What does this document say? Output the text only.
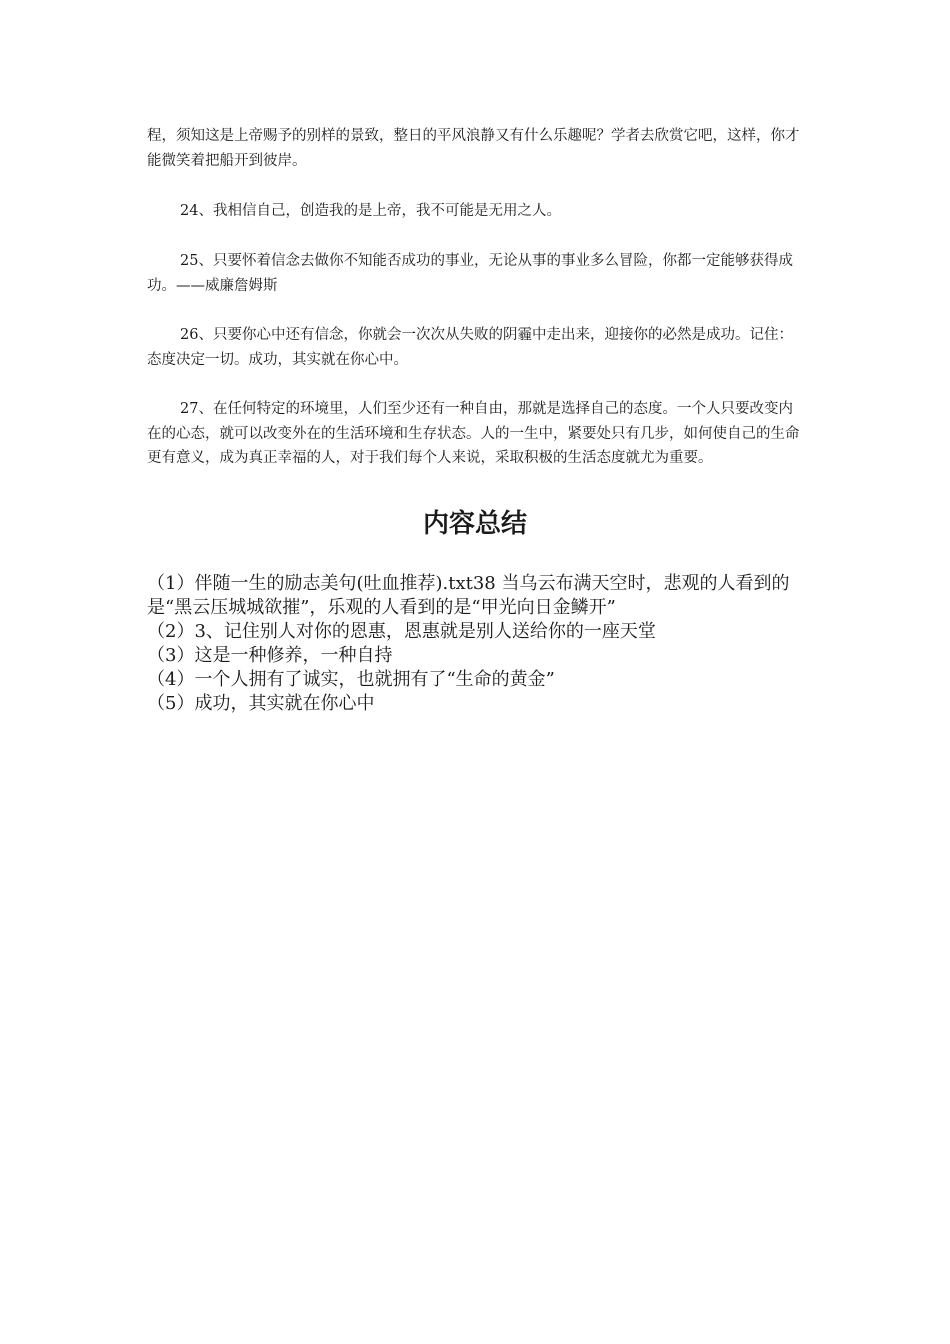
程，须知这是上帝赐予的别样的景致，整日的平风浪静又有什么乐趣呢？学者去欣赏它吧，这样，你才能微笑着把船开到彼岸。

24、我相信自己，创造我的是上帝，我不可能是无用之人。

25、只要怀着信念去做你不知能否成功的事业，无论从事的事业多么冒险，你都一定能够获得成功。——威廉詹姆斯

26、只要你心中还有信念，你就会一次次从失败的阴霾中走出来，迎接你的必然是成功。记住：态度决定一切。成功，其实就在你心中。

27、在任何特定的环境里，人们至少还有一种自由，那就是选择自己的态度。一个人只要改变内在的心态，就可以改变外在的生活环境和生存状态。人的一生中，紧要处只有几步，如何使自己的生命更有意义，成为真正幸福的人，对于我们每个人来说，采取积极的生活态度就尤为重要。

内容总结
（1）伴随一生的励志美句(吐血推荐).txt38 当乌云布满天空时，悲观的人看到的是“黑云压城城欲摧”，乐观的人看到的是“甲光向日金鳞开”
（2）3、记住别人对你的恩惠，恩惠就是别人送给你的一座天堂
（3）这是一种修养，一种自持
（4）一个人拥有了诚实，也就拥有了“生命的黄金”
（5）成功，其实就在你心中
